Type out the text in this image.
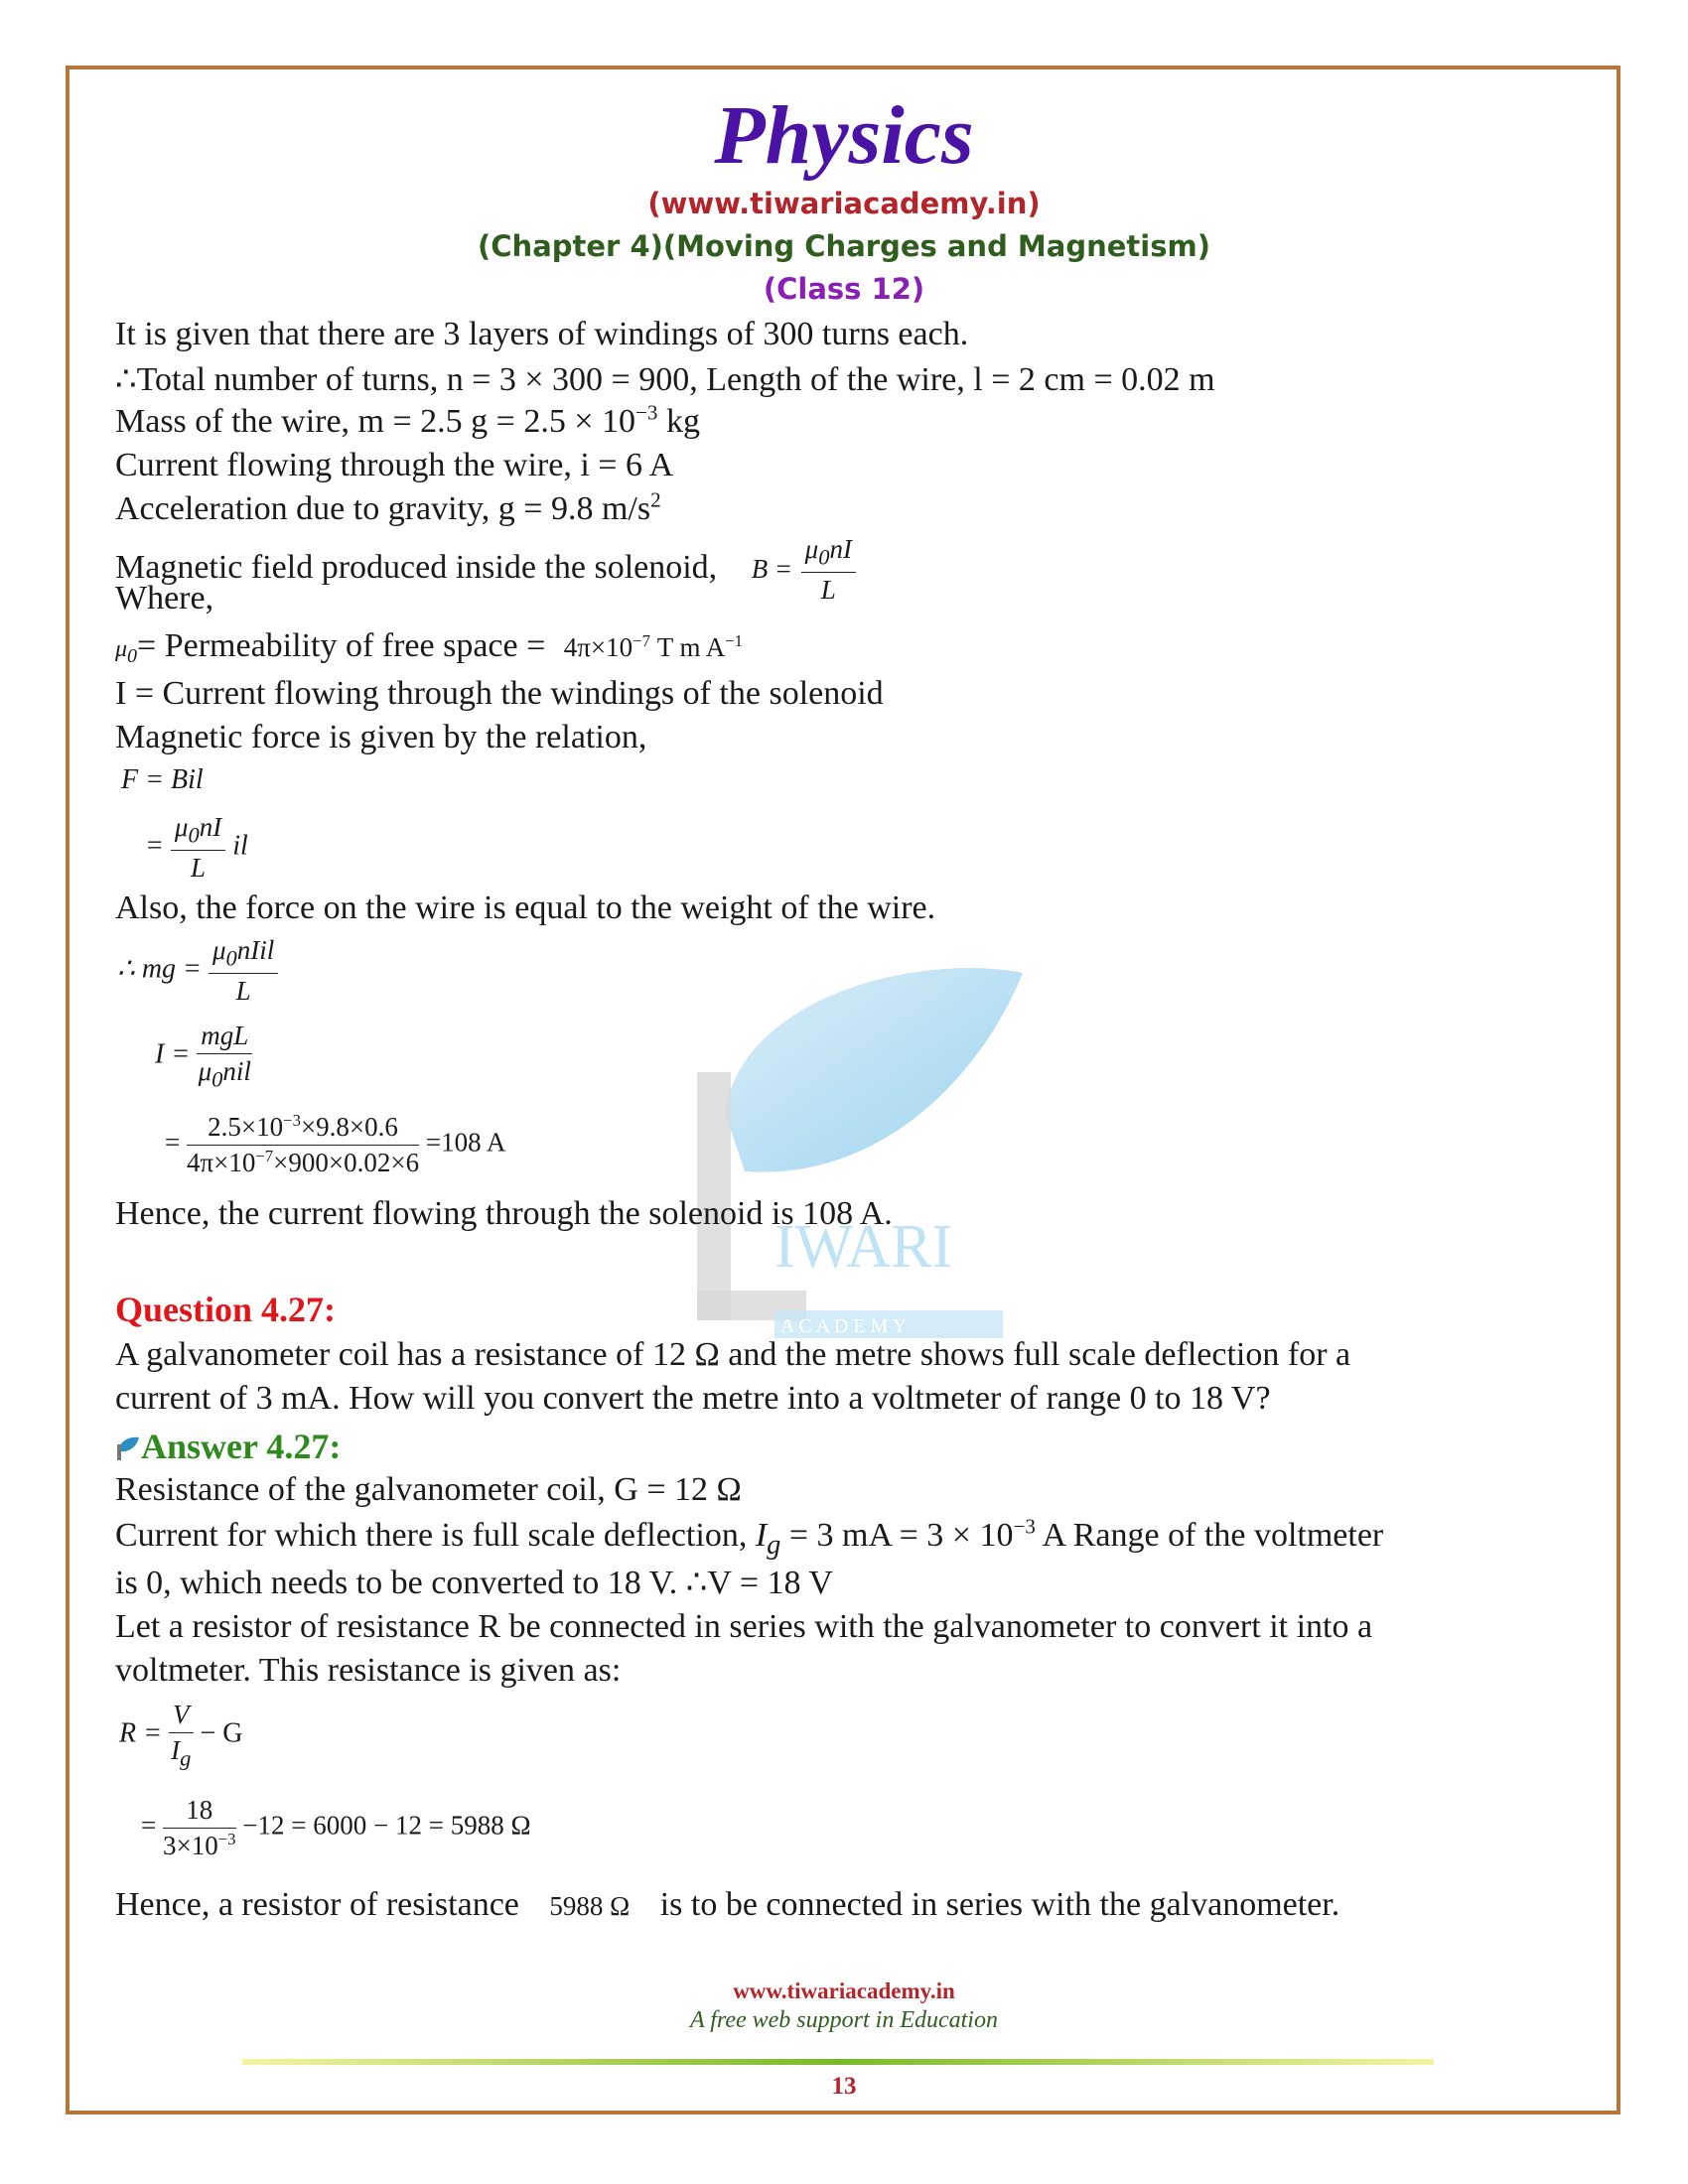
IWARI
A C A D E M Y
Physics
(www.tiwariacademy.in)
(Chapter 4)(Moving Charges and Magnetism)
(Class 12)
It is given that there are 3 layers of windings of 300 turns each.
∴Total number of turns, n = 3 × 300 = 900, Length of the wire, l = 2 cm = 0.02 m
Mass of the wire, m = 2.5 $g = 2.5 \times 10^{-3}$ kg
Current flowing through the wire, i = 6 A
Acceleration due to gravity, g = 9.8 $m/s^2$
Magnetic field produced inside the solenoid, $B = \frac{\mu_0nI}{L}$
Where,
$\mu_0=$ Permeability of free space = $4\pi\times 10^{-7}$ T m $A^{-1}$
I = Current flowing through the windings of the solenoid
Magnetic force is given by the relation,
F = Bil
= $\frac{\mu_0nI}{L}$ il
Also, the force on the wire is equal to the weight of the wire.
∴ mg = $\frac{\mu_0nIil}{L}$
$I = \frac{\text{mgL}}{\mu_0nil}$
= $\frac{2.5\times 10^{-3}\times 9.8\times 0.6}{4\pi\times 10^{-7}\times 900\times 0.02\times 6} =108$ A
Hence, the current flowing through the solenoid is 108 A.
Question 4.27:
A galvanometer coil has a resistance of 12 Ω and the metre shows full scale deflection for a
current of 3 mA. How will you convert the metre into a voltmeter of range 0 to 18 V?
Answer 4.27:
Resistance of the galvanometer coil, G = 12 Ω
Current for which there is full scale deflection, $I_g = 3$ mA = $3 \times 10^{-3}$ A Range of the voltmeter
is 0, which needs to be converted to 18 V. ∴V = 18 V
Let a resistor of resistance R be connected in series with the galvanometer to convert it into a
voltmeter. This resistance is given as:
$R = \frac{V}{I_g} - G$
= $\frac{18}{3\times 10^{-3}} -12 = 6000 - 12 = 5988$ Ω
Hence, a resistor of resistance 5988 Ω is to be connected in series with the galvanometer.
www.tiwariacademy.in
A free web support in Education
13
